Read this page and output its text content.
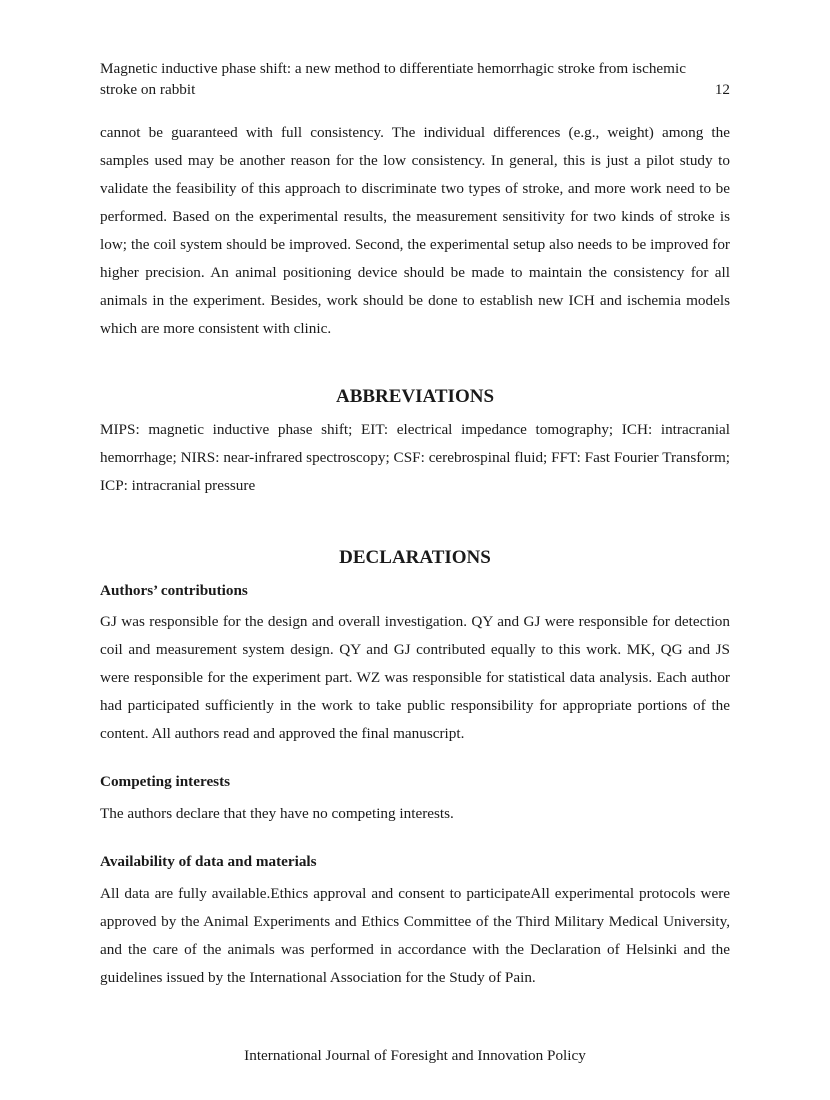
Magnetic inductive phase shift: a new method to differentiate hemorrhagic stroke from ischemic stroke on rabbit	12

cannot be guaranteed with full consistency. The individual differences (e.g., weight) among the samples used may be another reason for the low consistency. In general, this is just a pilot study to validate the feasibility of this approach to discriminate two types of stroke, and more work need to be performed. Based on the experimental results, the measurement sensitivity for two kinds of stroke is low; the coil system should be improved. Second, the experimental setup also needs to be improved for higher precision. An animal positioning device should be made to maintain the consistency for all animals in the experiment. Besides, work should be done to establish new ICH and ischemia models which are more consistent with clinic.

ABBREVIATIONS

MIPS: magnetic inductive phase shift; EIT: electrical impedance tomography; ICH: intracranial hemorrhage; NIRS: near-infrared spectroscopy; CSF: cerebrospinal fluid; FFT: Fast Fourier Transform; ICP: intracranial pressure

DECLARATIONS
Authors’ contributions

GJ was responsible for the design and overall investigation. QY and GJ were responsible for detection coil and measurement system design. QY and GJ contributed equally to this work. MK, QG and JS were responsible for the experiment part. WZ was responsible for statistical data analysis. Each author had participated sufficiently in the work to take public responsibility for appropriate portions of the content. All authors read and approved the final manuscript.

Competing interests

The authors declare that they have no competing interests.

Availability of data and materials

All data are fully available.Ethics approval and consent to participateAll experimental protocols were approved by the Animal Experiments and Ethics Committee of the Third Military Medical University, and the care of the animals was performed in accordance with the Declaration of Helsinki and the guidelines issued by the International Association for the Study of Pain.

International Journal of Foresight and Innovation Policy
